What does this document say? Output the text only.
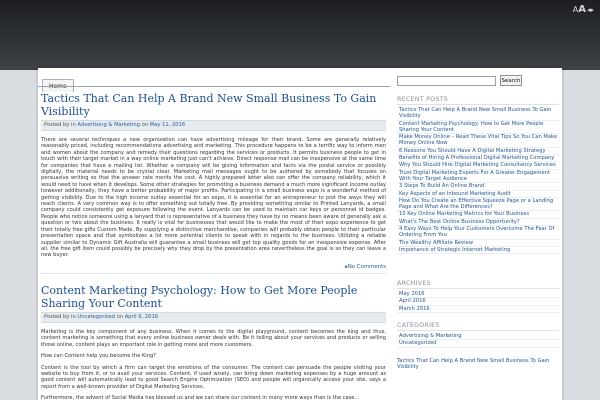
AA◂▸
Tactics That Can Help A Brand New Small Business To Gain Visibility
Posted by in Advertising & Marketing on May 11, 2016

There are several techniques a new organization can have advertising mileage for their brand. Some are generally relatively reasonably priced, including recommendations advertising and marketing. This procedure happens to be a terrific way to inform men and women about the company and remedy their questions regarding the services or products. It permits business people to get in touch with their target market in a way online marketing just can't achieve. Direct response mail can be inexpensive at the same time for companies that have a mailing list. Whether a company will be giving information and facts via the postal service or possibly digitally, the material needs to be crystal clear. Marketing mail messages ought to be authored by somebody that focuses on persuasive writing so that the answer rate merits the cost. A highly prepared letter also can offer the company reliability, which it would need to have when it develops. Some other strategies for promoting a business demand a much more significant income outlay however additionally, they have a better probability of major profits. Participating in a small business expo is a wonderful method of getting visibility. Due to the high income outlay essential for an expo, it is essential for an entrepreneur to plot the ways they will reach clients. A very common way is to offer something out totally free. By providing something similar to Printed Lanyards, a small company could consistently get exposure following the event. Lanyards can be used to maintain car keys or personnel id badges. People who notice someone using a lanyard that is representative of a business they have by no means been aware of generally ask a question or two about the business. It really is vital for businesses that would like to make the most of their expo experience to get their totally free gifts Custom Made. By supplying a distinctive merchandise, companies will probably obtain people to their particular presentation space and that symbolizes a lot more potential clients to speak with in regards to the business. Utilizing a reliable supplier similar to Dynamic Gift Australia will guarantee a small business will get top quality goods for an inexpensive expense. After all, the free gift item could possibly be precisely why they drop by the presentation area nevertheless the goal is so they can leave a new buyer.

▪No Comments
Content Marketing Psychology: How to Get More People Sharing Your Content
Posted by in Uncategorized on April 6, 2016

Marketing is the key component of any business. When it comes to the digital playground, content becomes the king and thus, content marketing is something that every online business owner deals with. Be it telling about your services and products or selling those online, content plays an important role in getting more and more customers.

How can Content help you become the King?

Content is the tool by which a firm can target the emotions of the consumer. The content can persuade the people visiting your website to buy from it, or to avail your services. Content, if used wisely, can bring down marketing expenses by a huge amount as good content will automatically lead to good Search Engine Optimization (SEO) and people will organically access your site, says a report from a well-known provider of Digital Marketing Services.

Furthermore, the advent of Social Media has blessed us and we can share our content in many more ways than is the case...

Search
RECENT POSTS
Tactics That Can Help A Brand New Small Business To Gain Visibility
Content Marketing Psychology: How to Get More People Sharing Your Content
Make Money Online – Read These Vital Tips So You Can Make Money Online Now
6 Reasons You Should Have A Digital Marketing Strategy
Benefits of Hiring A Professional Digital Marketing Company
Why You Should Hire Digital Marketing Consultancy Services
Trust Digital Marketing Experts For A Greater Engagement With Your Target Audience
3 Steps To Build An Online Brand
Key Aspects of an Inbound Marketing Audit
How Do You Create an Effective Squeeze Page or a Landing Page and What Are the Differences?
10 Key Online Marketing Metrics for Your Business
What's The Best Online Business Opportunity?
4 Easy Ways To Help Your Customers Overcome The Fear Of Ordering From You
The Wealthy Affiliate Review
Importance of Strategic Internet Marketing
ARCHIVES
May 2016
April 2016
March 2016
CATEGORIES
Advertising & Marketing
Uncategorized
Tactics That Can Help A Brand New Small Business To Gain Visibility
